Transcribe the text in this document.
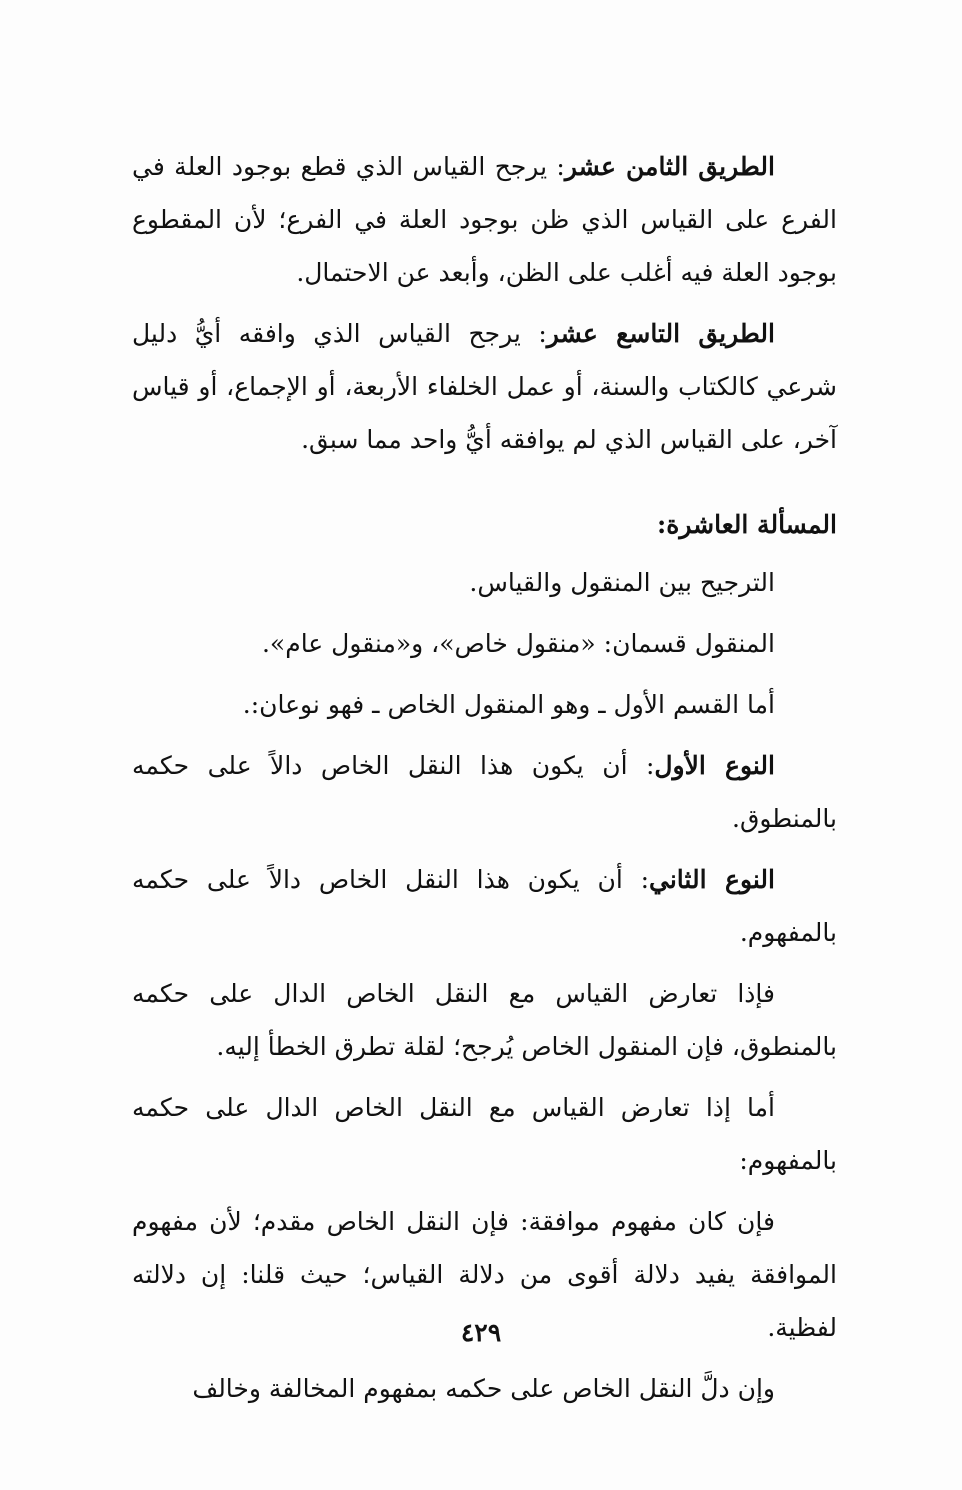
الطريق الثامن عشر: يرجح القياس الذي قطع بوجود العلة في الفرع على القياس الذي ظن بوجود العلة في الفرع؛ لأن المقطوع بوجود العلة فيه أغلب على الظن، وأبعد عن الاحتمال.

الطريق التاسع عشر: يرجح القياس الذي وافقه أيُّ دليل شرعي كالكتاب والسنة، أو عمل الخلفاء الأربعة، أو الإجماع، أو قياس آخر، على القياس الذي لم يوافقه أيُّ واحد مما سبق.

المسألة العاشرة:

الترجيح بين المنقول والقياس.

المنقول قسمان: «منقول خاص»، و«منقول عام».

أما القسم الأول ـ وهو المنقول الخاص ـ فهو نوعان:.

النوع الأول: أن يكون هذا النقل الخاص دالاً على حكمه بالمنطوق.

النوع الثاني: أن يكون هذا النقل الخاص دالاً على حكمه بالمفهوم.

فإذا تعارض القياس مع النقل الخاص الدال على حكمه بالمنطوق، فإن المنقول الخاص يُرجح؛ لقلة تطرق الخطأ إليه.

أما إذا تعارض القياس مع النقل الخاص الدال على حكمه بالمفهوم:

فإن كان مفهوم موافقة: فإن النقل الخاص مقدم؛ لأن مفهوم الموافقة يفيد دلالة أقوى من دلالة القياس؛ حيث قلنا: إن دلالته لفظية.

وإن دلَّ النقل الخاص على حكمه بمفهوم المخالفة وخالف

٤٢٩
